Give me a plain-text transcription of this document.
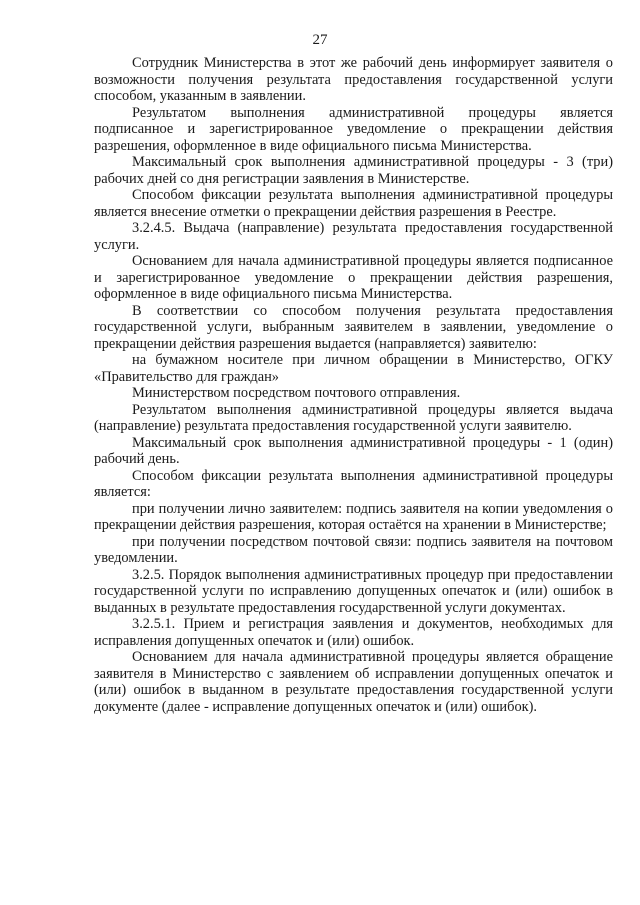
27

Сотрудник Министерства в этот же рабочий день информирует заявителя о возможности получения результата предоставления государственной услуги способом, указанным в заявлении.

Результатом выполнения административной процедуры является подписанное и зарегистрированное уведомление о прекращении действия разрешения, оформленное в виде официального письма Министерства.

Максимальный срок выполнения административной процедуры - 3 (три) рабочих дней со дня регистрации заявления в Министерстве.

Способом фиксации результата выполнения административной процедуры является внесение отметки о прекращении действия разрешения в Реестре.

3.2.4.5. Выдача (направление) результата предоставления государственной услуги.

Основанием для начала административной процедуры является подписанное и зарегистрированное уведомление о прекращении действия разрешения, оформленное в виде официального письма Министерства.

В соответствии со способом получения результата предоставления государственной услуги, выбранным заявителем в заявлении, уведомление о прекращении действия разрешения выдается (направляется) заявителю:

на бумажном носителе при личном обращении в Министерство, ОГКУ «Правительство для граждан»

Министерством посредством почтового отправления.

Результатом выполнения административной процедуры является выдача (направление) результата предоставления государственной услуги заявителю.

Максимальный срок выполнения административной процедуры - 1 (один) рабочий день.

Способом фиксации результата выполнения административной процедуры является:

при получении лично заявителем: подпись заявителя на копии уведомления о прекращении действия разрешения, которая остаётся на хранении в Министерстве;

при получении посредством почтовой связи: подпись заявителя на почтовом уведомлении.

3.2.5. Порядок выполнения административных процедур при предоставлении государственной услуги по исправлению допущенных опечаток и (или) ошибок в выданных в результате предоставления государственной услуги документах.

3.2.5.1. Прием и регистрация заявления и документов, необходимых для исправления допущенных опечаток и (или) ошибок.

Основанием для начала административной процедуры является обращение заявителя в Министерство с заявлением об исправлении допущенных опечаток и (или) ошибок в выданном в результате предоставления государственной услуги документе (далее - исправление допущенных опечаток и (или) ошибок).
